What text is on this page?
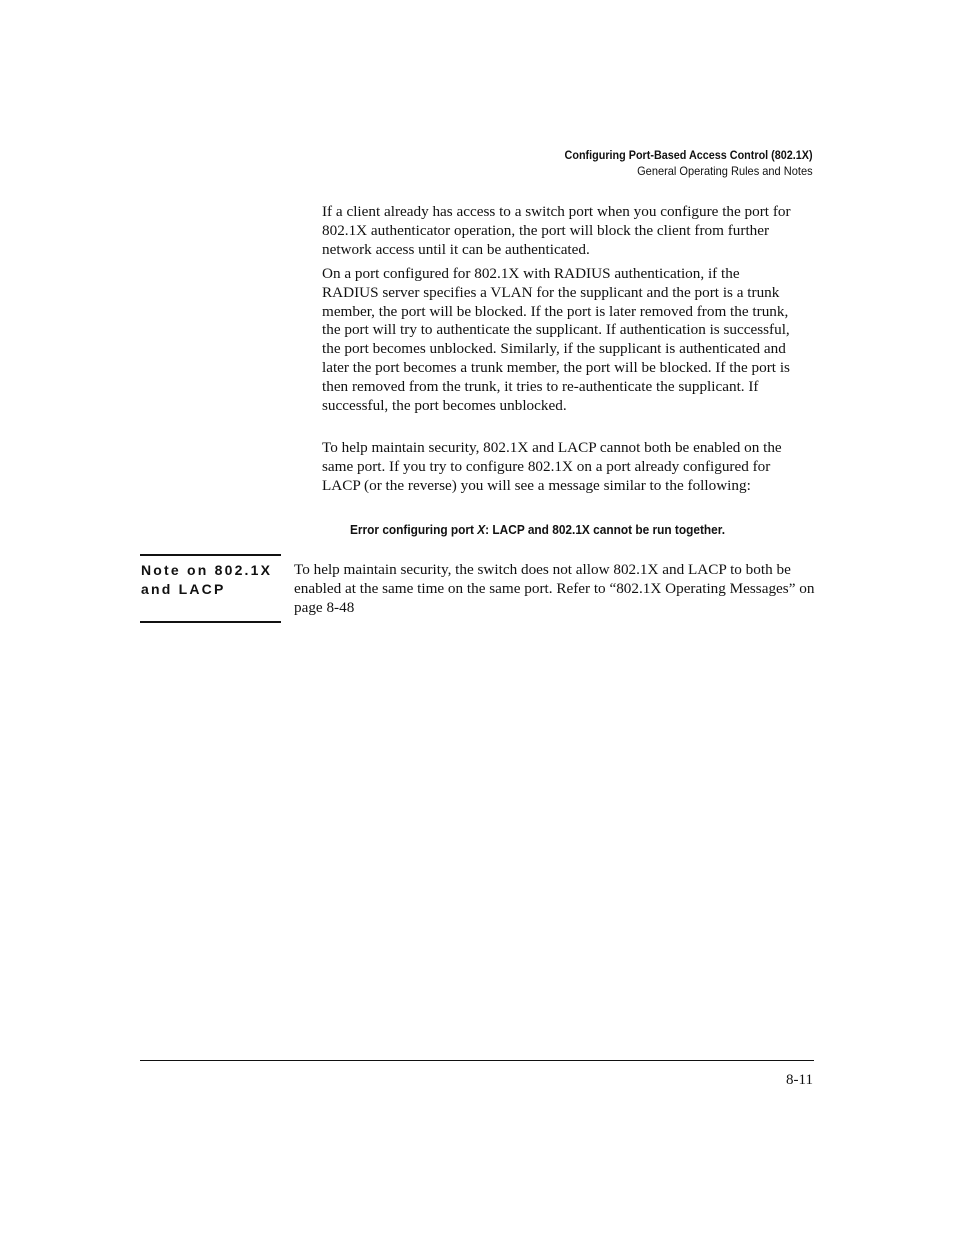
Configuring Port-Based Access Control (802.1X)
General Operating Rules and Notes

If a client already has access to a switch port when you configure the port for 802.1X authenticator operation, the port will block the client from further network access until it can be authenticated.

On a port configured for 802.1X with RADIUS authentication, if the RADIUS server specifies a VLAN for the supplicant and the port is a trunk member, the port will be blocked. If the port is later removed from the trunk, the port will try to authenticate the supplicant. If authentication is successful, the port becomes unblocked. Similarly, if the supplicant is authenticated and later the port becomes a trunk member, the port will be blocked. If the port is then removed from the trunk, it tries to re-authenticate the supplicant. If successful, the port becomes unblocked.

To help maintain security, 802.1X and LACP cannot both be enabled on the same port. If you try to configure 802.1X on a port already configured for LACP (or the reverse) you will see a message similar to the following:

Error configuring port X: LACP and 802.1X cannot be run together.

Note on 802.1X and LACP

To help maintain security, the switch does not allow 802.1X and LACP to both be enabled at the same time on the same port. Refer to “802.1X Operating Messages” on page 8-48

8-11
